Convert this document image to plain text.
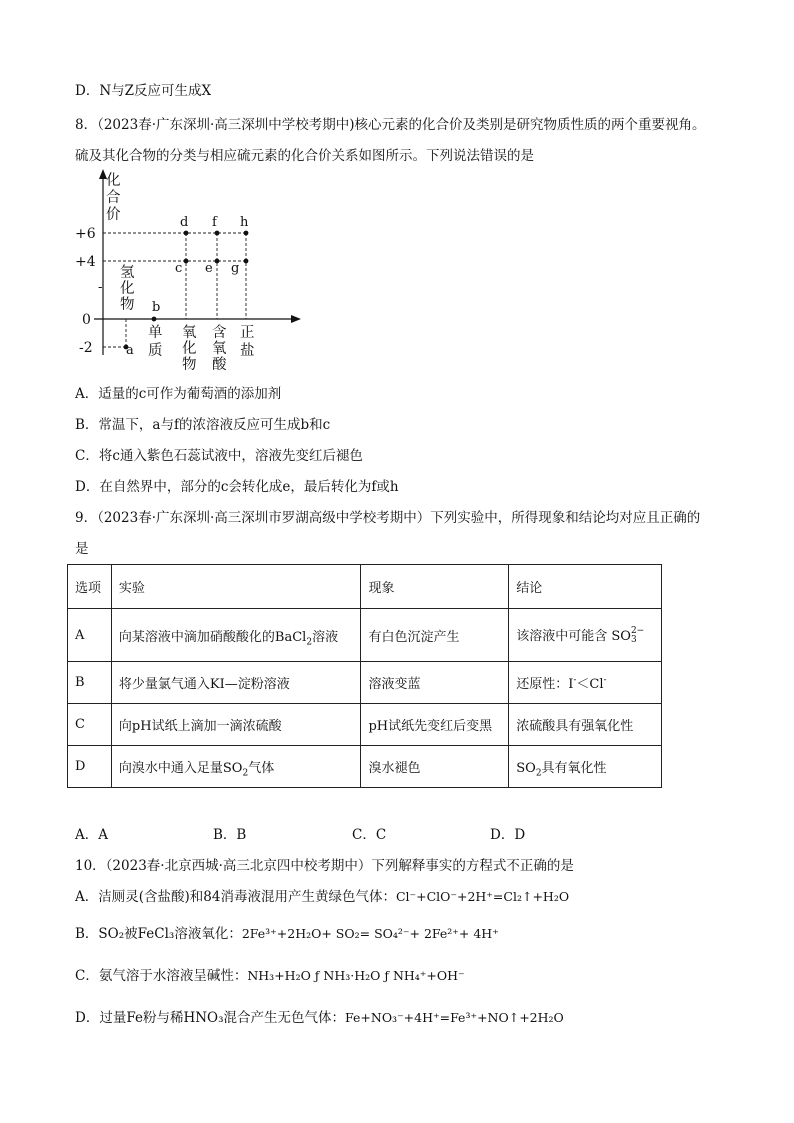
D．N与Z反应可生成X
8．（2023春·广东深圳·高三深圳中学校考期中)核心元素的化合价及类别是研究物质性质的两个重要视角。
硫及其化合物的分类与相应硫元素的化合价关系如图所示。下列说法错误的是
化
合
价
+6
+4
0
-2
氢
- 化
物
单
质
氧
化
物
含
氧
酸
正
盐
a
b
c
d
e
f
g
h
A．适量的c可作为葡萄酒的添加剂
B．常温下，a与f的浓溶液反应可生成b和c
C．将c通入紫色石蕊试液中，溶液先变红后褪色
D．在自然界中，部分的c会转化成e，最后转化为f或h
9．（2023春·广东深圳·高三深圳市罗湖高级中学校考期中）下列实验中，所得现象和结论均对应且正确的
是
选项	实验	现象	结论
A	向某溶液中滴加硝酸酸化的BaCl$_2$溶液	有白色沉淀产生	该溶液中可能含 SO 2−
3

B	将少量氯气通入KI—淀粉溶液	溶液变蓝	还原性：I-＜Cl-
C	向pH试纸上滴加一滴浓硫酸	pH试纸先变红后变黑	浓硫酸具有强氧化性
D	向溴水中通入足量$SO_2$气体	溴水褪色	$SO_2$具有氧化性
A．A	B．B	C．C	D．D
10．（2023春·北京西城·高三北京四中校考期中）下列解释事实的方程式不正确的是
A．洁厕灵(含盐酸)和84消毒液混用产生黄绿色气体：Cl⁻+ClO⁻+2H⁺=Cl₂↑+H₂O
B．SO₂被FeCl₃溶液氧化：2Fe³⁺+2H₂O+ SO₂= SO₄²⁻+ 2Fe²⁺+ 4H⁺
C．氨气溶于水溶液呈碱性：NH₃+H₂O ƒ NH₃·H₂O ƒ NH₄⁺+OH⁻
D．过量Fe粉与稀HNO₃混合产生无色气体：Fe+NO₃⁻+4H⁺=Fe³⁺+NO↑+2H₂O
